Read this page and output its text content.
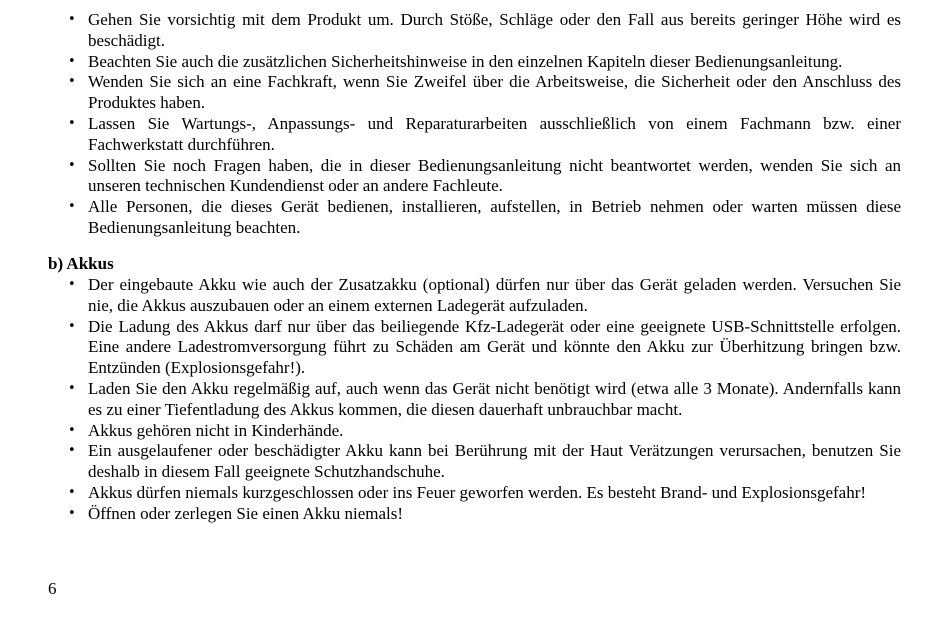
• Gehen Sie vorsichtig mit dem Produkt um. Durch Stöße, Schläge oder den Fall aus bereits geringer Höhe wird es beschädigt.
• Beachten Sie auch die zusätzlichen Sicherheitshinweise in den einzelnen Kapiteln dieser Bedienungsanleitung.
• Wenden Sie sich an eine Fachkraft, wenn Sie Zweifel über die Arbeitsweise, die Sicherheit oder den Anschluss des Produktes haben.
• Lassen Sie Wartungs-, Anpassungs- und Reparaturarbeiten ausschließlich von einem Fachmann bzw. einer Fachwerkstatt durchführen.
• Sollten Sie noch Fragen haben, die in dieser Bedienungsanleitung nicht beantwortet werden, wenden Sie sich an unseren technischen Kundendienst oder an andere Fachleute.
• Alle Personen, die dieses Gerät bedienen, installieren, aufstellen, in Betrieb nehmen oder warten müssen diese Bedienungsanleitung beachten.
b) Akkus
• Der eingebaute Akku wie auch der Zusatzakku (optional) dürfen nur über das Gerät geladen werden. Versuchen Sie nie, die Akkus auszubauen oder an einem externen Ladegerät aufzuladen.
• Die Ladung des Akkus darf nur über das beiliegende Kfz-Ladegerät oder eine geeignete USB-Schnittstelle erfolgen. Eine andere Ladestromversorgung führt zu Schäden am Gerät und könnte den Akku zur Überhitzung bringen bzw. Entzünden (Explosionsgefahr!).
• Laden Sie den Akku regelmäßig auf, auch wenn das Gerät nicht benötigt wird (etwa alle 3 Monate). Andernfalls kann es zu einer Tiefentladung des Akkus kommen, die diesen dauerhaft unbrauchbar macht.
• Akkus gehören nicht in Kinderhände.
• Ein ausgelaufener oder beschädigter Akku kann bei Berührung mit der Haut Verätzungen verursachen, benutzen Sie deshalb in diesem Fall geeignete Schutzhandschuhe.
• Akkus dürfen niemals kurzgeschlossen oder ins Feuer geworfen werden. Es besteht Brand- und Explosionsgefahr!
• Öffnen oder zerlegen Sie einen Akku niemals!

6
